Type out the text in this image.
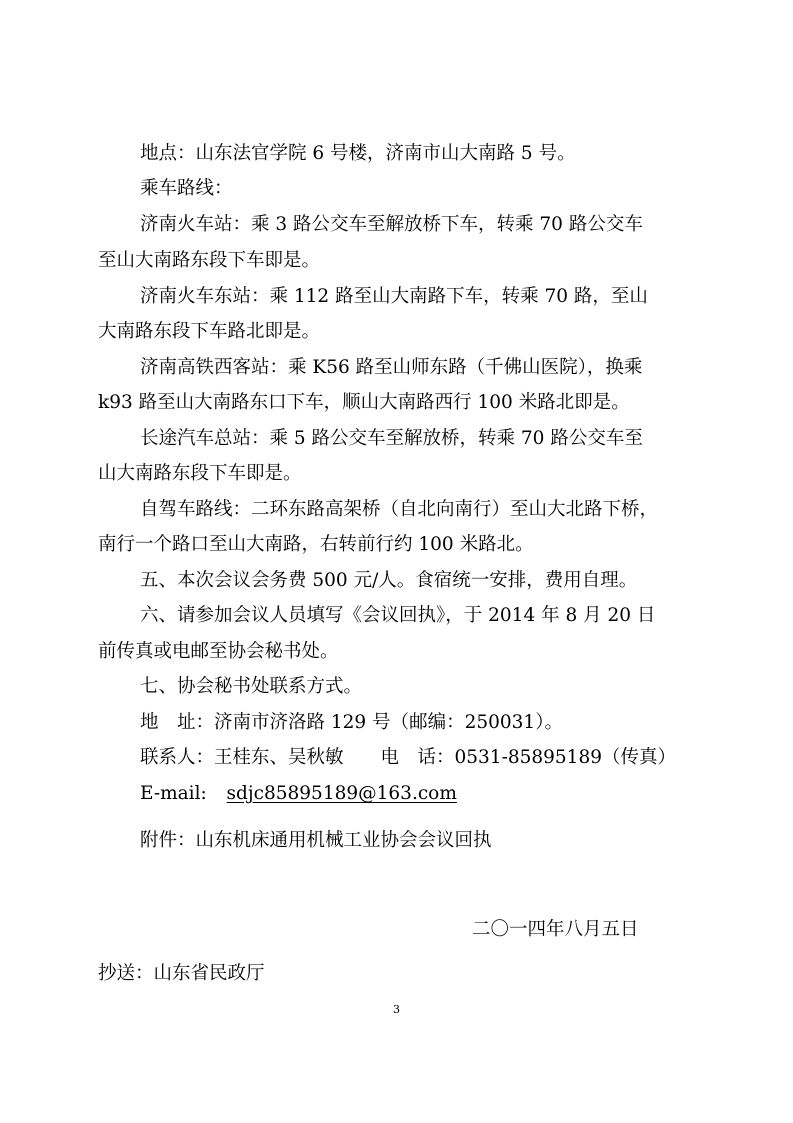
地点：山东法官学院 6 号楼，济南市山大南路 5 号。
乘车路线：
济南火车站：乘 3 路公交车至解放桥下车，转乘 70 路公交车
至山大南路东段下车即是。
济南火车东站：乘 112 路至山大南路下车，转乘 70 路，至山
大南路东段下车路北即是。
济南高铁西客站：乘 K56 路至山师东路（千佛山医院），换乘
k93 路至山大南路东口下车，顺山大南路西行 100 米路北即是。
长途汽车总站：乘 5 路公交车至解放桥，转乘 70 路公交车至
山大南路东段下车即是。
自驾车路线：二环东路高架桥（自北向南行）至山大北路下桥，
南行一个路口至山大南路，右转前行约 100 米路北。
五、本次会议会务费 500 元/人。食宿统一安排，费用自理。
六、请参加会议人员填写《会议回执》，于 2014 年 8 月 20 日
前传真或电邮至协会秘书处。
七、协会秘书处联系方式。
地　址：济南市济洛路 129 号（邮编：250031）。
联系人：王桂东、吴秋敏　　电　话：0531-85895189（传真）
E-mail: sdjc85895189@163.com
附件：山东机床通用机械工业协会会议回执
二〇一四年八月五日
抄送：山东省民政厅
3
